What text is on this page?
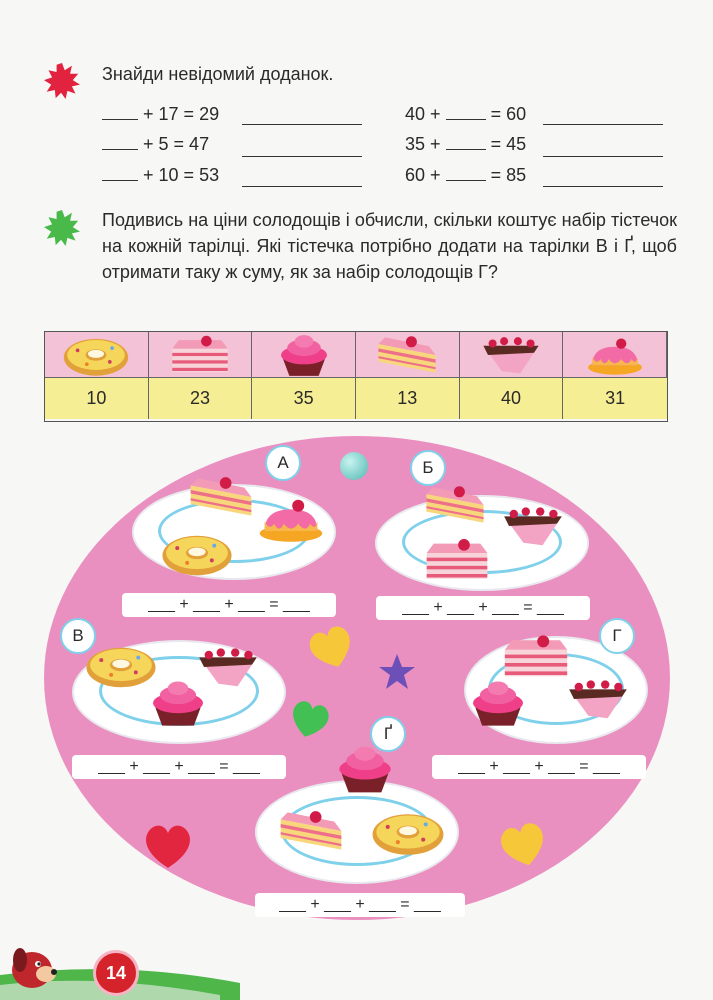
Знайди невідомий доданок.
+ 17 = 29
+ 5 = 47
+ 10 = 53
40 +	= 60
35 +	= 45
60 +	= 85
Подивись на ціни солодощів і обчисли, скільки коштує набір тістечок на кожній тарілці. Які тістечка потрібно додати на тарілки В і Ґ, щоб отримати таку ж суму, як за набір солодощів Г?
10	23	35	13	40	31
А
___ + ___ + ___ = ___
Б
___ + ___ + ___ = ___
В
___ + ___ + ___ = ___
Г
___ + ___ + ___ = ___
Ґ
___ + ___ + ___ = ___
14
